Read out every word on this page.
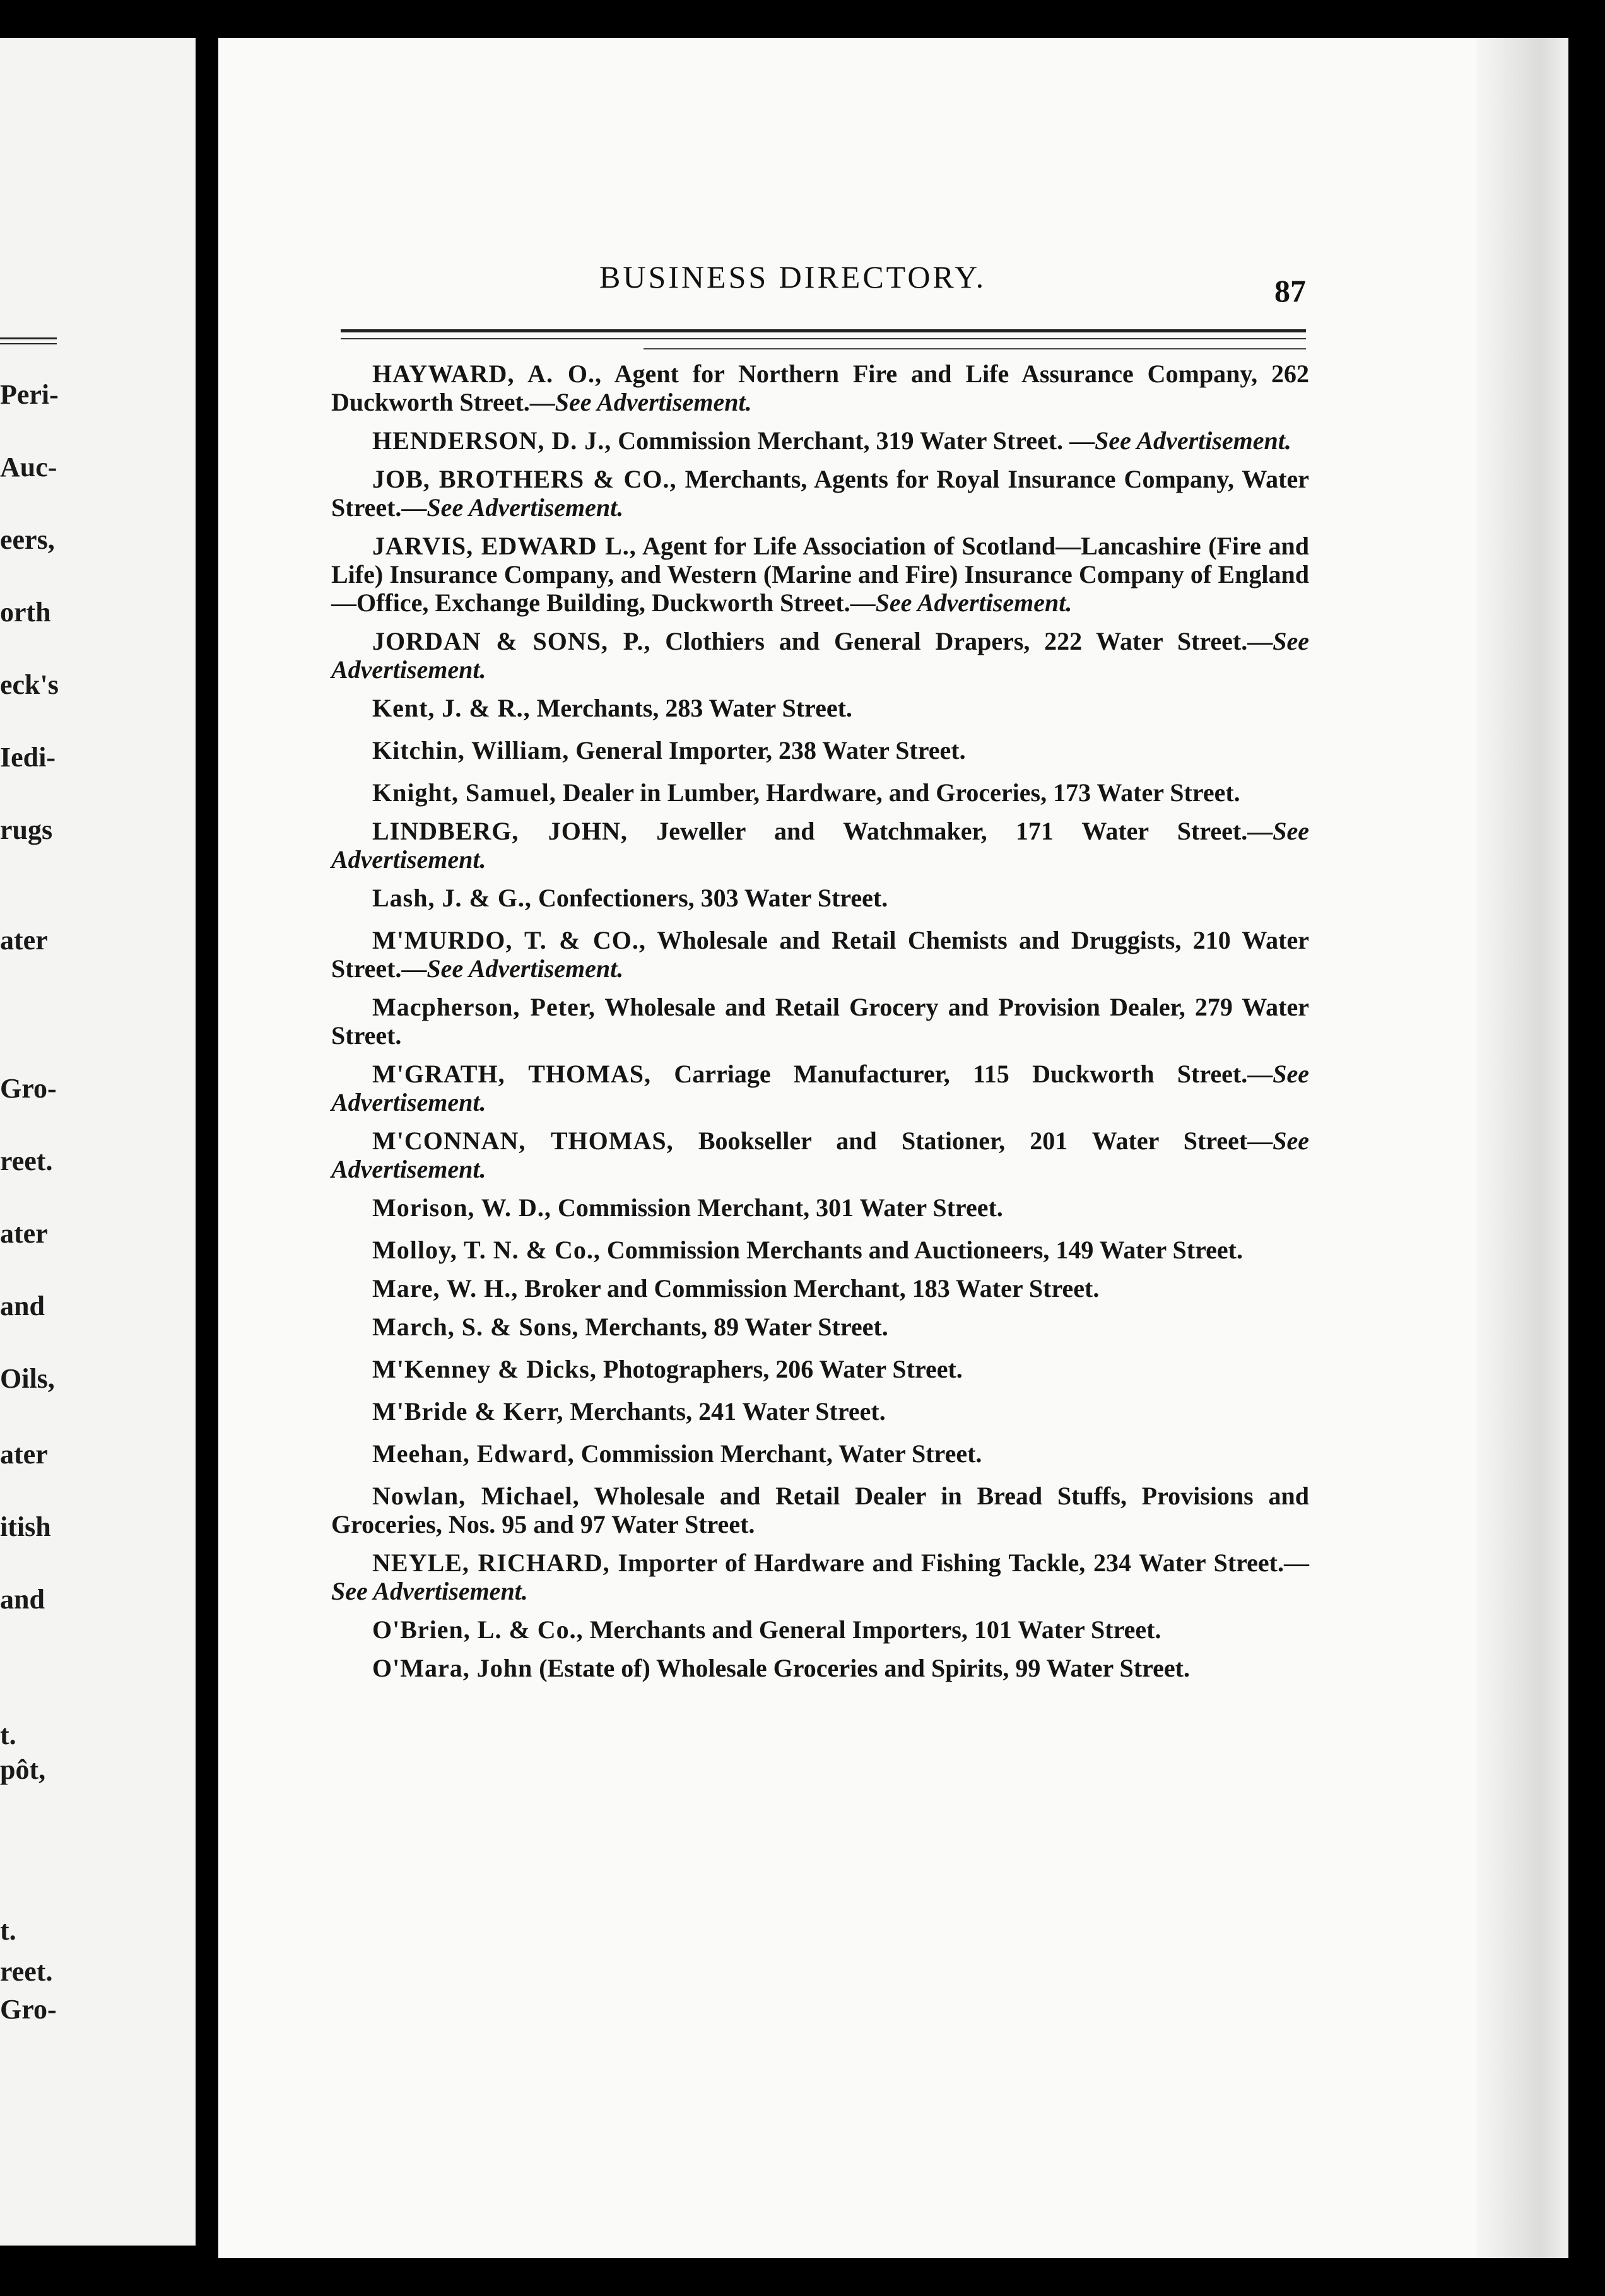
Peri-
Auc-
eers,
orth
eck's
Iedi-
rugs
ater
Gro-
reet.
ater
and
Oils,
ater
itish
and
t.
pôt,
t.
reet.
Gro-
BUSINESS DIRECTORY.	87

HAYWARD, A. O., Agent for Northern Fire and Life Assurance Company, 262 Duckworth Street.—See Advertisement.

HENDERSON, D. J., Commission Merchant, 319 Water Street. —See Advertisement.

JOB, BROTHERS & CO., Merchants, Agents for Royal Insurance Company, Water Street.—See Advertisement.

JARVIS, EDWARD L., Agent for Life Association of Scotland—Lancashire (Fire and Life) Insurance Company, and Western (Marine and Fire) Insurance Company of England—Office, Exchange Building, Duckworth Street.—See Advertisement.

JORDAN & SONS, P., Clothiers and General Drapers, 222 Water Street.—See Advertisement.

Kent, J. & R., Merchants, 283 Water Street.

Kitchin, William, General Importer, 238 Water Street.

Knight, Samuel, Dealer in Lumber, Hardware, and Groceries, 173 Water Street.

LINDBERG, JOHN, Jeweller and Watchmaker, 171 Water Street.—See Advertisement.

Lash, J. & G., Confectioners, 303 Water Street.

M'MURDO, T. & CO., Wholesale and Retail Chemists and Druggists, 210 Water Street.—See Advertisement.

Macpherson, Peter, Wholesale and Retail Grocery and Provision Dealer, 279 Water Street.

M'GRATH, THOMAS, Carriage Manufacturer, 115 Duckworth Street.—See Advertisement.

M'CONNAN, THOMAS, Bookseller and Stationer, 201 Water Street—See Advertisement.

Morison, W. D., Commission Merchant, 301 Water Street.

Molloy, T. N. & Co., Commission Merchants and Auctioneers, 149 Water Street.

Mare, W. H., Broker and Commission Merchant, 183 Water Street.

March, S. & Sons, Merchants, 89 Water Street.

M'Kenney & Dicks, Photographers, 206 Water Street.

M'Bride & Kerr, Merchants, 241 Water Street.

Meehan, Edward, Commission Merchant, Water Street.

Nowlan, Michael, Wholesale and Retail Dealer in Bread Stuffs, Provisions and Groceries, Nos. 95 and 97 Water Street.

NEYLE, RICHARD, Importer of Hardware and Fishing Tackle, 234 Water Street.—See Advertisement.

O'Brien, L. & Co., Merchants and General Importers, 101 Water Street.

O'Mara, John (Estate of) Wholesale Groceries and Spirits, 99 Water Street.
